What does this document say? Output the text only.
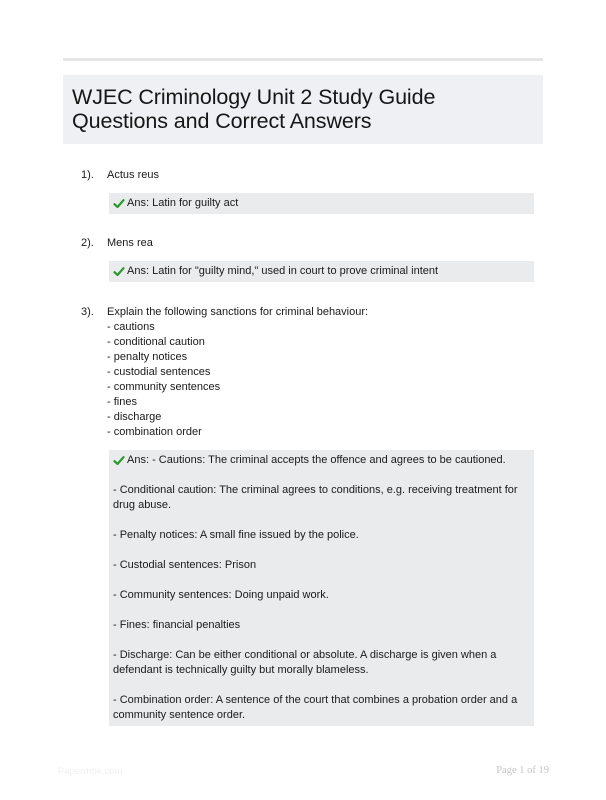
WJEC Criminology Unit 2 Study Guide Questions and Correct Answers
1). Actus reus
Ans: Latin for guilty act
2). Mens rea
Ans: Latin for "guilty mind," used in court to prove criminal intent
3). Explain the following sanctions for criminal behaviour:
- cautions
- conditional caution
- penalty notices
- custodial sentences
- community sentences
- fines
- discharge
- combination order
Ans: - Cautions: The criminal accepts the offence and agrees to be cautioned.
- Conditional caution: The criminal agrees to conditions, e.g. receiving treatment for drug abuse.
- Penalty notices: A small fine issued by the police.
- Custodial sentences: Prison
- Community sentences: Doing unpaid work.
- Fines: financial penalties
- Discharge: Can be either conditional or absolute. A discharge is given when a defendant is technically guilty but morally blameless.
- Combination order: A sentence of the court that combines a probation order and a community sentence order.
Paperrhbk.com	Page 1 of 19
